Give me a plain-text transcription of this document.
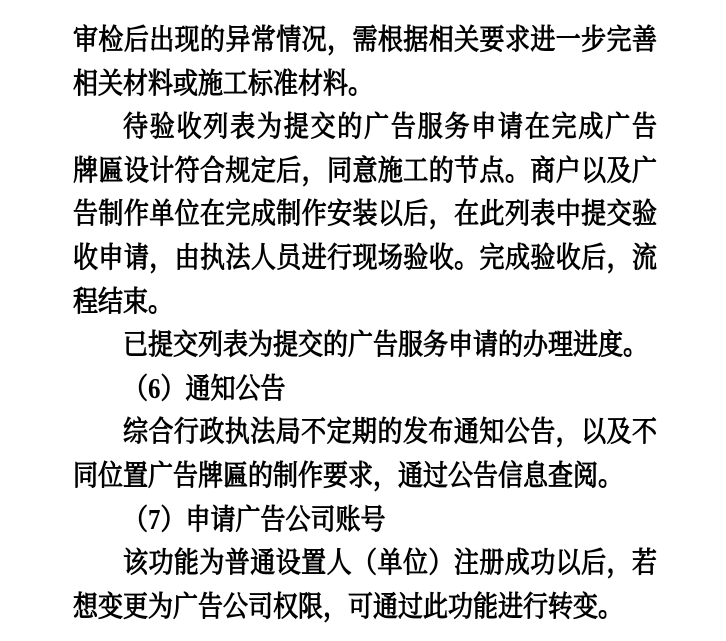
审检后出现的异常情况，需根据相关要求进一步完善
相关材料或施工标准材料。
待验收列表为提交的广告服务申请在完成广告
牌匾设计符合规定后，同意施工的节点。商户以及广
告制作单位在完成制作安装以后，在此列表中提交验
收申请，由执法人员进行现场验收。完成验收后，流
程结束。
已提交列表为提交的广告服务申请的办理进度。
（6）通知公告
综合行政执法局不定期的发布通知公告，以及不
同位置广告牌匾的制作要求，通过公告信息查阅。
（7）申请广告公司账号
该功能为普通设置人（单位）注册成功以后，若
想变更为广告公司权限，可通过此功能进行转变。
